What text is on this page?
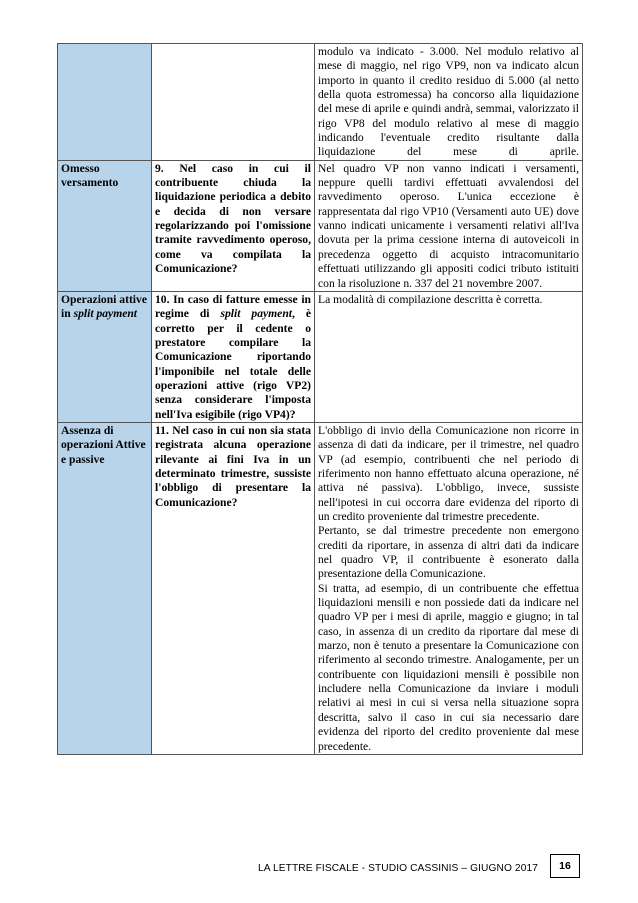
		modulo va indicato - 3.000. Nel modulo relativo al mese di maggio, nel rigo VP9, non va indicato alcun importo in quanto il credito residuo di 5.000 (al netto della quota estromessa) ha concorso alla liquidazione del mese di aprile e quindi andrà, semmai, valorizzato il rigo VP8 del modulo relativo al mese di maggio indicando l'eventuale credito risultante dalla liquidazione del mese di aprile.

Omesso versamento	9. Nel caso in cui il contribuente chiuda la liquidazione periodica a debito e decida di non versare regolarizzando poi l'omissione tramite ravvedimento operoso, come va compilata la Comunicazione?	Nel quadro VP non vanno indicati i versamenti, neppure quelli tardivi effettuati avvalendosi del ravvedimento operoso. L'unica eccezione è rappresentata dal rigo VP10 (Versamenti auto UE) dove vanno indicati unicamente i versamenti relativi all'Iva dovuta per la prima cessione interna di autoveicoli in precedenza oggetto di acquisto intracomunitario effettuati utilizzando gli appositi codici tributo istituiti con la risoluzione n. 337 del 21 novembre 2007.

Operazioni attive in split payment	10. In caso di fatture emesse in regime di split payment, è corretto per il cedente o prestatore compilare la Comunicazione riportando l'imponibile nel totale delle operazioni attive (rigo VP2) senza considerare l'imposta nell'Iva esigibile (rigo VP4)?	La modalità di compilazione descritta è corretta.

Assenza di operazioni Attive e passive	11. Nel caso in cui non sia stata registrata alcuna operazione rilevante ai fini Iva in un determinato trimestre, sussiste l'obbligo di presentare la Comunicazione?	L'obbligo di invio della Comunicazione non ricorre in assenza di dati da indicare, per il trimestre, nel quadro VP (ad esempio, contribuenti che nel periodo di riferimento non hanno effettuato alcuna operazione, né attiva né passiva). L'obbligo, invece, sussiste nell'ipotesi in cui occorra dare evidenza del riporto di un credito proveniente dal trimestre precedente.

Pertanto, se dal trimestre precedente non emergono crediti da riportare, in assenza di altri dati da indicare nel quadro VP, il contribuente è esonerato dalla presentazione della Comunicazione.

Si tratta, ad esempio, di un contribuente che effettua liquidazioni mensili e non possiede dati da indicare nel quadro VP per i mesi di aprile, maggio e giugno; in tal caso, in assenza di un credito da riportare dal mese di marzo, non è tenuto a presentare la Comunicazione con riferimento al secondo trimestre. Analogamente, per un contribuente con liquidazioni mensili è possibile non includere nella Comunicazione da inviare i moduli relativi ai mesi in cui si versa nella situazione sopra descritta, salvo il caso in cui sia necessario dare evidenza del riporto del credito proveniente dal mese precedente.

LA LETTRE FISCALE - STUDIO CASSINIS – GIUGNO 2017	16
